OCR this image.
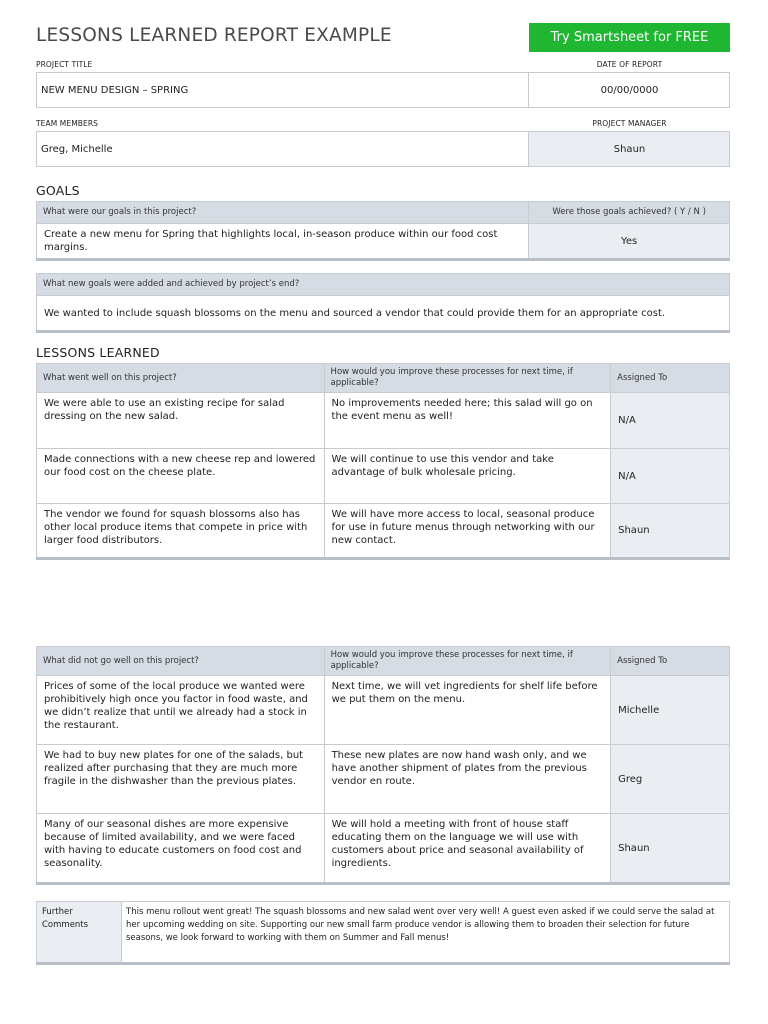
LESSONS LEARNED REPORT EXAMPLE	Try Smartsheet for FREE
PROJECT TITLE	DATE OF REPORT
NEW MENU DESIGN – SPRING	00/00/0000
TEAM MEMBERS	PROJECT MANAGER
Greg, Michelle	Shaun
GOALS
What were our goals in this project?	Were those goals achieved? ( Y / N )
Create a new menu for Spring that highlights local, in-season produce within our food cost margins.	Yes
What new goals were added and achieved by project’s end?
We wanted to include squash blossoms on the menu and sourced a vendor that could provide them for an appropriate cost.
LESSONS LEARNED
What went well on this project?	How would you improve these processes for next time, if applicable?	Assigned To
We were able to use an existing recipe for salad dressing on the new salad.	No improvements needed here; this salad will go on the event menu as well!	N/A
Made connections with a new cheese rep and lowered our food cost on the cheese plate.	We will continue to use this vendor and take advantage of bulk wholesale pricing.	N/A
The vendor we found for squash blossoms also has other local produce items that compete in price with larger food distributors.	We will have more access to local, seasonal produce for use in future menus through networking with our new contact.	Shaun
What did not go well on this project?	How would you improve these processes for next time, if applicable?	Assigned To
Prices of some of the local produce we wanted were prohibitively high once you factor in food waste, and we didn’t realize that until we already had a stock in the restaurant.	Next time, we will vet ingredients for shelf life before we put them on the menu.	Michelle
We had to buy new plates for one of the salads, but realized after purchasing that they are much more fragile in the dishwasher than the previous plates.	These new plates are now hand wash only, and we have another shipment of plates from the previous vendor en route.	Greg
Many of our seasonal dishes are more expensive because of limited availability, and we were faced with having to educate customers on food cost and seasonality.	We will hold a meeting with front of house staff educating them on the language we will use with customers about price and seasonal availability of ingredients.	Shaun
Further Comments	This menu rollout went great! The squash blossoms and new salad went over very well! A guest even asked if we could serve the salad at her upcoming wedding on site. Supporting our new small farm produce vendor is allowing them to broaden their selection for future seasons, we look forward to working with them on Summer and Fall menus!
